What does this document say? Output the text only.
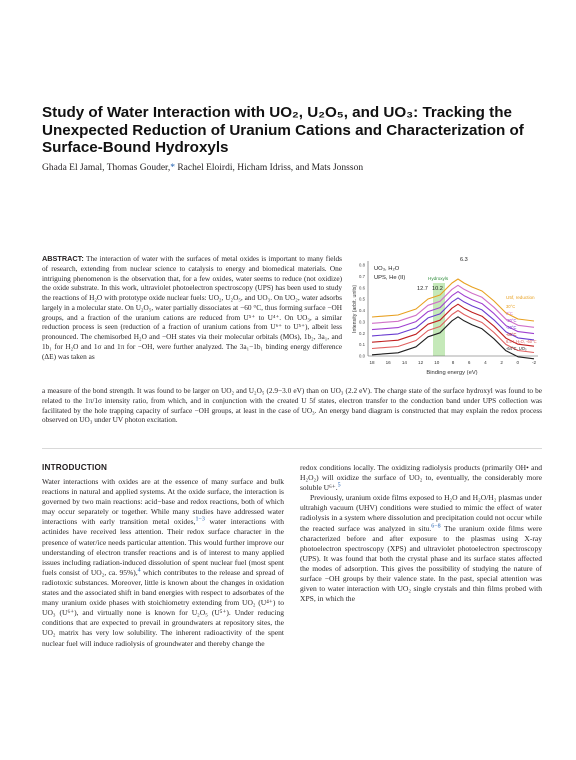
Study of Water Interaction with UO₂, U₂O₅, and UO₃: Tracking the Unexpected Reduction of Uranium Cations and Characterization of Surface-Bound Hydroxyls
Ghada El Jamal, Thomas Gouder,* Rachel Eloirdi, Hicham Idriss, and Mats Jonsson

ABSTRACT: The interaction of water with the surfaces of metal oxides is important to many fields of research, extending from nuclear science to catalysis to energy and biomedical materials. One intriguing phenomenon is the observation that, for a few oxides, water seems to reduce (not oxidize) the oxide substrate. In this work, ultraviolet photoelectron spectroscopy (UPS) has been used to study the reactions of H₂O with prototype oxide nuclear fuels: UO₂, U₂O₅, and UO₃. On UO₂, water adsorbs largely in a molecular state. On U₂O₅, water partially dissociates at −60 °C, thus forming surface −OH groups, and a fraction of the uranium cations are reduced from U⁵⁺ to U⁴⁺. On UO₃, a similar reduction process is seen (reduction of a fraction of uranium cations from U⁶⁺ to U⁵⁺), albeit less pronounced. The chemisorbed H₂O and −OH states via their molecular orbitals (MOs), 1b₂, 3a₁, and 1b₁ for H₂O and 1σ and 1π for −OH, were further analyzed. The 3a₁−1b₁ binding energy difference (ΔE) was taken as	0.0
0.1
0.2
0.3
0.4
0.5
0.6
0.7
0.8
18 16 14 12 10	8	6	4	2	0	-2
Intensity (arbit. units)
Binding energy (eV)
UO₃, H₂O
UPS, He (II)
6.3
12.7 10.2
Hydroxyls
U5f, reduction
30°C
0°C
-20°C
-40°C
-60°C
6.4 L H₂O, -60°C
-64°C, UO₃

a measure of the bond strength. It was found to be larger on UO₂ and U₂O₅ (2.9−3.0 eV) than on UO₃ (2.2 eV). The charge state of the surface hydroxyl was found to be related to the 1π/1σ intensity ratio, from which, and in conjunction with the created U 5f states, electron transfer to the conduction band under UPS collection was facilitated by the hole trapping capacity of surface −OH groups, at least in the case of UO₃. An energy band diagram is constructed that may explain the redox process observed on UO₃ under UV photon excitation.

INTRODUCTION

Water interactions with oxides are at the essence of many surface and bulk reactions in natural and applied systems. At the oxide surface, the interaction is governed by two main reactions: acid−base and redox reactions, both of which may occur separately or together. While many studies have addressed water interactions with early transition metal oxides,$^{1-3}$ water interactions with actinides have received less attention. Their redox surface character in the presence of water/ice needs particular attention. This would further improve our understanding of electron transfer reactions and is of interest to many applied issues including radiation-induced dissolution of spent nuclear fuel (most spent fuels consist of UO₂, ca. 95%),$^4$ which contributes to the release and spread of radiotoxic substances. Moreover, little is known about the changes in oxidation states and the associated shift in band energies with respect to adsorbates of the many uranium oxide phases with stoichiometry extending from UO₂ (U⁴⁺) to UO₃ (U⁶⁺), and virtually none is known for U₂O₅ (U⁵⁺). Under reducing conditions that are expected to prevail in groundwaters at repository sites, the UO₂ matrix has very low solubility. The inherent radioactivity of the spent nuclear fuel will induce radiolysis of groundwater and thereby change the

redox conditions locally. The oxidizing radiolysis products (primarily OH• and H₂O₂) will oxidize the surface of UO₂ to, eventually, the considerably more soluble U⁶⁺.$^5$

Previously, uranium oxide films exposed to H₂O and H₂O/H₂ plasmas under ultrahigh vacuum (UHV) conditions were studied to mimic the effect of water radiolysis in a system where dissolution and precipitation could not occur while the reacted surface was analyzed in situ.$^{6-8}$ The uranium oxide films were characterized before and after exposure to the plasmas using X-ray photoelectron spectroscopy (XPS) and ultraviolet photoelectron spectroscopy (UPS). It was found that both the crystal phase and its surface states affected the modes of adsorption. This gives the possibility of studying the nature of surface −OH groups by their valence state. In the past, special attention was given to water interaction with UO₂ single crystals and thin films probed with XPS, in which the
